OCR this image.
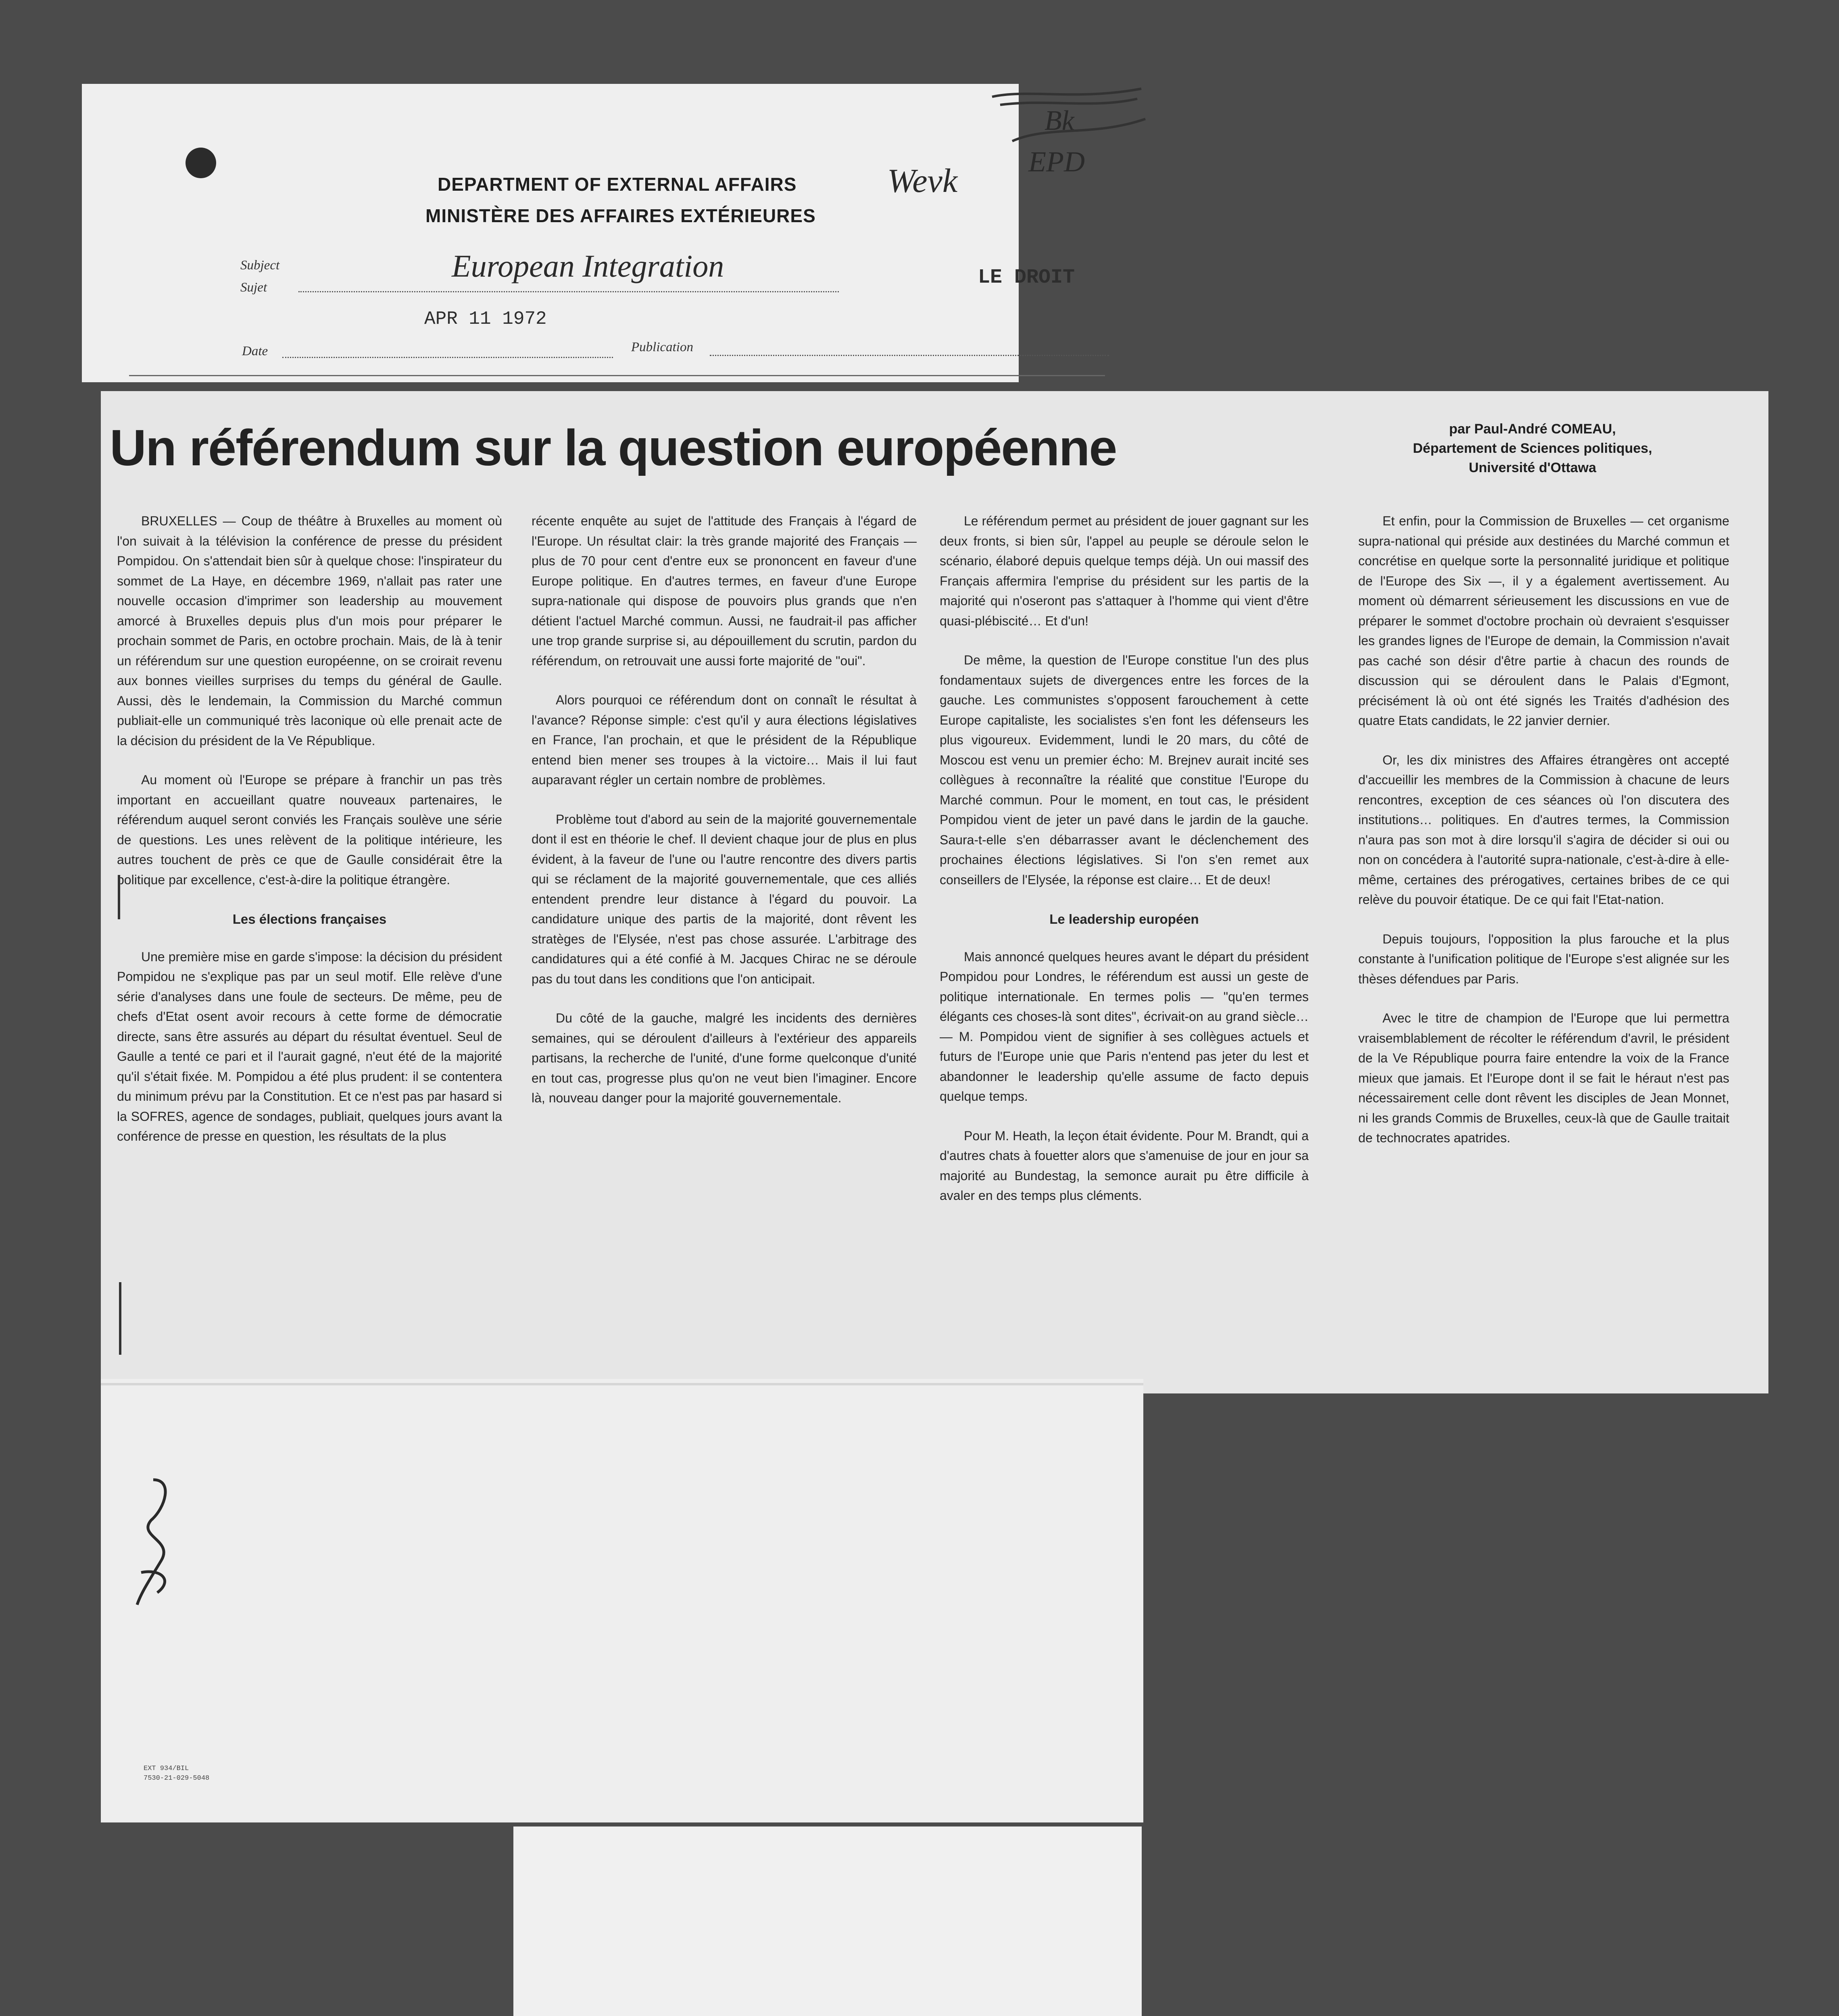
DEPARTMENT OF EXTERNAL AFFAIRS
MINISTÈRE DES AFFAIRES EXTÉRIEURES
Subject
Sujet
European Integration	LE DROIT
Date
APR 11 1972
Publication
Bk
Wevk
EPD
Un référendum sur la question européenne	par Paul-André COMEAU,
Département de Sciences politiques,
Université d'Ottawa

BRUXELLES — Coup de théâtre à Bruxelles au moment où l'on suivait à la télévision la conférence de presse du président Pompidou. On s'attendait bien sûr à quelque chose: l'inspirateur du sommet de La Haye, en décembre 1969, n'allait pas rater une nouvelle occasion d'imprimer son leadership au mouvement amorcé à Bruxelles depuis plus d'un mois pour préparer le prochain sommet de Paris, en octobre prochain. Mais, de là à tenir un référendum sur une question européenne, on se croirait revenu aux bonnes vieilles surprises du temps du général de Gaulle. Aussi, dès le lendemain, la Commission du Marché commun publiait-elle un communiqué très laconique où elle prenait acte de la décision du président de la Ve République.

Au moment où l'Europe se prépare à franchir un pas très important en accueillant quatre nouveaux partenaires, le référendum auquel seront conviés les Français soulève une série de questions. Les unes relèvent de la politique intérieure, les autres touchent de près ce que de Gaulle considérait être la politique par excellence, c'est-à-dire la politique étrangère.

Les élections françaises

Une première mise en garde s'impose: la décision du président Pompidou ne s'explique pas par un seul motif. Elle relève d'une série d'analyses dans une foule de secteurs. De même, peu de chefs d'Etat osent avoir recours à cette forme de démocratie directe, sans être assurés au départ du résultat éventuel. Seul de Gaulle a tenté ce pari et il l'aurait gagné, n'eut été de la majorité qu'il s'était fixée. M. Pompidou a été plus prudent: il se contentera du minimum prévu par la Constitution. Et ce n'est pas par hasard si la SOFRES, agence de sondages, publiait, quelques jours avant la conférence de presse en question, les résultats de la plus

récente enquête au sujet de l'attitude des Français à l'égard de l'Europe. Un résultat clair: la très grande majorité des Français — plus de 70 pour cent d'entre eux se prononcent en faveur d'une Europe politique. En d'autres termes, en faveur d'une Europe supra-nationale qui dispose de pouvoirs plus grands que n'en détient l'actuel Marché commun. Aussi, ne faudrait-il pas afficher une trop grande surprise si, au dépouillement du scrutin, pardon du référendum, on retrouvait une aussi forte majorité de "oui".

Alors pourquoi ce référendum dont on connaît le résultat à l'avance? Réponse simple: c'est qu'il y aura élections législatives en France, l'an prochain, et que le président de la République entend bien mener ses troupes à la victoire… Mais il lui faut auparavant régler un certain nombre de problèmes.

Problème tout d'abord au sein de la majorité gouvernementale dont il est en théorie le chef. Il devient chaque jour de plus en plus évident, à la faveur de l'une ou l'autre rencontre des divers partis qui se réclament de la majorité gouvernementale, que ces alliés entendent prendre leur distance à l'égard du pouvoir. La candidature unique des partis de la majorité, dont rêvent les stratèges de l'Elysée, n'est pas chose assurée. L'arbitrage des candidatures qui a été confié à M. Jacques Chirac ne se déroule pas du tout dans les conditions que l'on anticipait.

Du côté de la gauche, malgré les incidents des dernières semaines, qui se déroulent d'ailleurs à l'extérieur des appareils partisans, la recherche de l'unité, d'une forme quelconque d'unité en tout cas, progresse plus qu'on ne veut bien l'imaginer. Encore là, nouveau danger pour la majorité gouvernementale.

Le référendum permet au président de jouer gagnant sur les deux fronts, si bien sûr, l'appel au peuple se déroule selon le scénario, élaboré depuis quelque temps déjà. Un oui massif des Français affermira l'emprise du président sur les partis de la majorité qui n'oseront pas s'attaquer à l'homme qui vient d'être quasi-plébiscité… Et d'un!

De même, la question de l'Europe constitue l'un des plus fondamentaux sujets de divergences entre les forces de la gauche. Les communistes s'opposent farouchement à cette Europe capitaliste, les socialistes s'en font les défenseurs les plus vigoureux. Evidemment, lundi le 20 mars, du côté de Moscou est venu un premier écho: M. Brejnev aurait incité ses collègues à reconnaître la réalité que constitue l'Europe du Marché commun. Pour le moment, en tout cas, le président Pompidou vient de jeter un pavé dans le jardin de la gauche. Saura-t-elle s'en débarrasser avant le déclenchement des prochaines élections législatives. Si l'on s'en remet aux conseillers de l'Elysée, la réponse est claire… Et de deux!

Le leadership européen

Mais annoncé quelques heures avant le départ du président Pompidou pour Londres, le référendum est aussi un geste de politique internationale. En termes polis — "qu'en termes élégants ces choses-là sont dites", écrivait-on au grand siècle… — M. Pompidou vient de signifier à ses collègues actuels et futurs de l'Europe unie que Paris n'entend pas jeter du lest et abandonner le leadership qu'elle assume de facto depuis quelque temps.

Pour M. Heath, la leçon était évidente. Pour M. Brandt, qui a d'autres chats à fouetter alors que s'amenuise de jour en jour sa majorité au Bundestag, la semonce aurait pu être difficile à avaler en des temps plus cléments.

Et enfin, pour la Commission de Bruxelles — cet organisme supra-national qui préside aux destinées du Marché commun et concrétise en quelque sorte la personnalité juridique et politique de l'Europe des Six —, il y a également avertissement. Au moment où démarrent sérieusement les discussions en vue de préparer le sommet d'octobre prochain où devraient s'esquisser les grandes lignes de l'Europe de demain, la Commission n'avait pas caché son désir d'être partie à chacun des rounds de discussion qui se déroulent dans le Palais d'Egmont, précisément là où ont été signés les Traités d'adhésion des quatre Etats candidats, le 22 janvier dernier.

Or, les dix ministres des Affaires étrangères ont accepté d'accueillir les membres de la Commission à chacune de leurs rencontres, exception de ces séances où l'on discutera des institutions… politiques. En d'autres termes, la Commission n'aura pas son mot à dire lorsqu'il s'agira de décider si oui ou non on concédera à l'autorité supra-nationale, c'est-à-dire à elle-même, certaines des prérogatives, certaines bribes de ce qui relève du pouvoir étatique. De ce qui fait l'Etat-nation.

Depuis toujours, l'opposition la plus farouche et la plus constante à l'unification politique de l'Europe s'est alignée sur les thèses défendues par Paris.

Avec le titre de champion de l'Europe que lui permettra vraisemblablement de récolter le référendum d'avril, le président de la Ve République pourra faire entendre la voix de la France mieux que jamais. Et l'Europe dont il se fait le héraut n'est pas nécessairement celle dont rêvent les disciples de Jean Monnet, ni les grands Commis de Bruxelles, ceux-là que de Gaulle traitait de technocrates apatrides.

EXT 934/BIL
7530-21-029-5048
